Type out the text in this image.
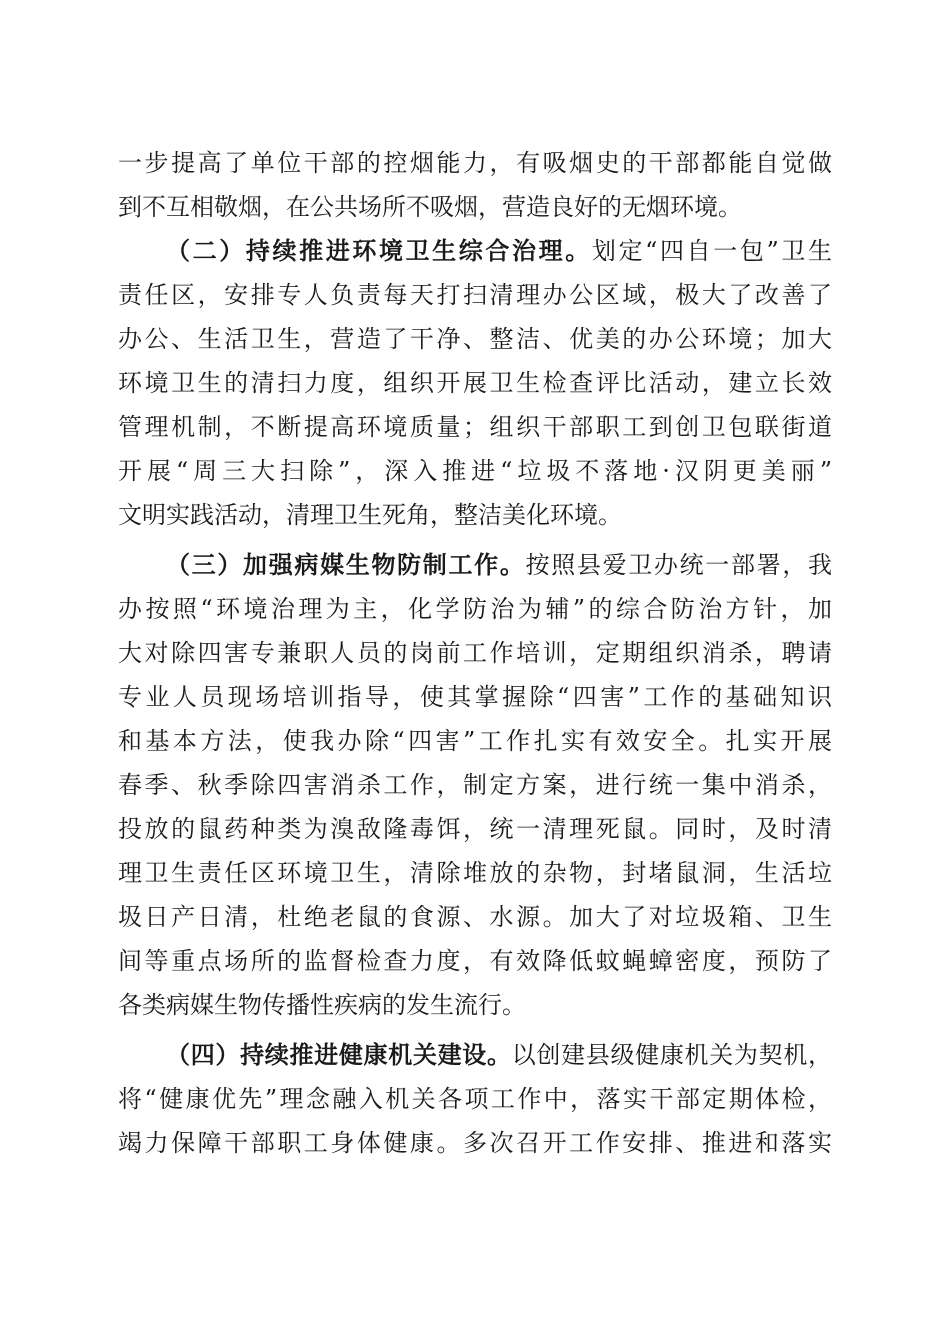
一步提高了单位干部的控烟能力，有吸烟史的干部都能自觉做
到不互相敬烟，在公共场所不吸烟，营造良好的无烟环境。
（二）持续推进环境卫生综合治理。划定“四自一包”卫生
责任区，安排专人负责每天打扫清理办公区域，极大了改善了
办公、生活卫生，营造了干净、整洁、优美的办公环境；加大
环境卫生的清扫力度，组织开展卫生检查评比活动，建立长效
管理机制，不断提高环境质量；组织干部职工到创卫包联街道
开展“周三大扫除”，深入推进“垃圾不落地·汉阴更美丽”
文明实践活动，清理卫生死角，整洁美化环境。
（三）加强病媒生物防制工作。按照县爱卫办统一部署，我
办按照“环境治理为主，化学防治为辅”的综合防治方针，加
大对除四害专兼职人员的岗前工作培训，定期组织消杀，聘请
专业人员现场培训指导，使其掌握除“四害”工作的基础知识
和基本方法，使我办除“四害”工作扎实有效安全。扎实开展
春季、秋季除四害消杀工作，制定方案，进行统一集中消杀，
投放的鼠药种类为溴敌隆毒饵，统一清理死鼠。同时，及时清
理卫生责任区环境卫生，清除堆放的杂物，封堵鼠洞，生活垃
圾日产日清，杜绝老鼠的食源、水源。加大了对垃圾箱、卫生
间等重点场所的监督检查力度，有效降低蚊蝇蟑密度，预防了
各类病媒生物传播性疾病的发生流行。
（四）持续推进健康机关建设。以创建县级健康机关为契机，
将“健康优先”理念融入机关各项工作中，落实干部定期体检，
竭力保障干部职工身体健康。多次召开工作安排、推进和落实
